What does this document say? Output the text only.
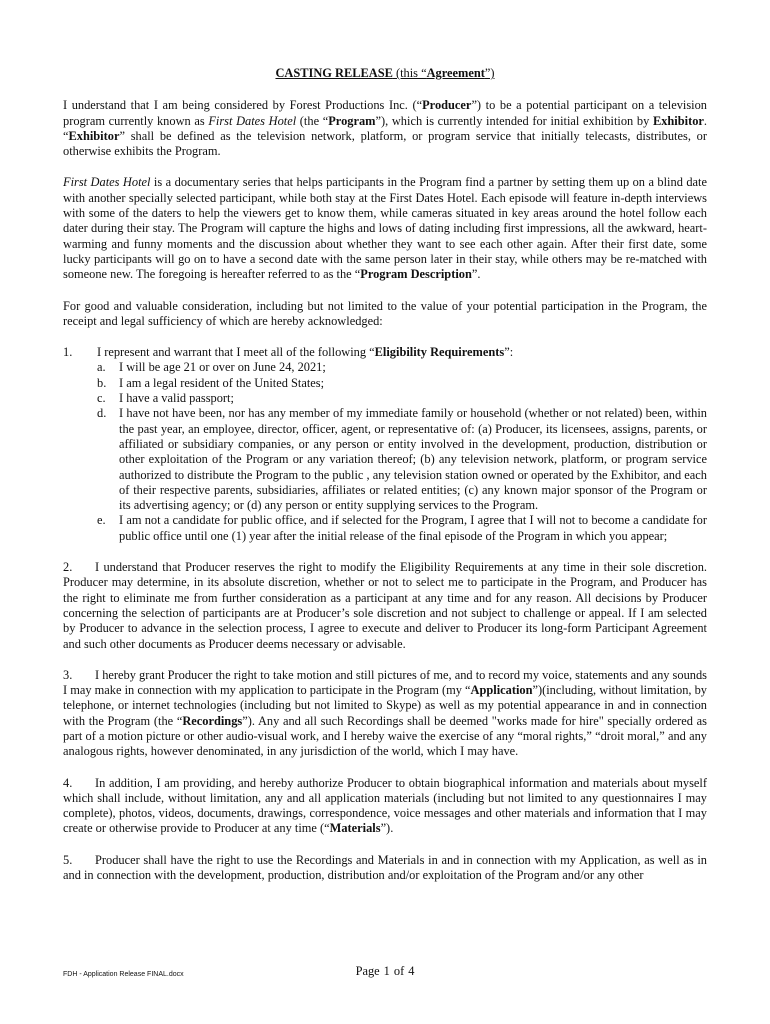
CASTING RELEASE (this “Agreement”)

I understand that I am being considered by Forest Productions Inc. (“Producer”) to be a potential participant on a television program currently known as First Dates Hotel (the “Program”), which is currently intended for initial exhibition by Exhibitor. “Exhibitor” shall be defined as the television network, platform, or program service that initially telecasts, distributes, or otherwise exhibits the Program.

First Dates Hotel is a documentary series that helps participants in the Program find a partner by setting them up on a blind date with another specially selected participant, while both stay at the First Dates Hotel. Each episode will feature in-depth interviews with some of the daters to help the viewers get to know them, while cameras situated in key areas around the hotel follow each dater during their stay. The Program will capture the highs and lows of dating including first impressions, all the awkward, heart-warming and funny moments and the discussion about whether they want to see each other again. After their first date, some lucky participants will go on to have a second date with the same person later in their stay, while others may be re-matched with someone new. The foregoing is hereafter referred to as the “Program Description”.

For good and valuable consideration, including but not limited to the value of your potential participation in the Program, the receipt and legal sufficiency of which are hereby acknowledged:

1. I represent and warrant that I meet all of the following “Eligibility Requirements”:
a. I will be age 21 or over on June 24, 2021;
b. I am a legal resident of the United States;
c. I have a valid passport;
d. I have not have been, nor has any member of my immediate family or household (whether or not related) been, within the past year, an employee, director, officer, agent, or representative of: (a) Producer, its licensees, assigns, parents, or affiliated or subsidiary companies, or any person or entity involved in the development, production, distribution or other exploitation of the Program or any variation thereof; (b) any television network, platform, or program service authorized to distribute the Program to the public , any television station owned or operated by the Exhibitor, and each of their respective parents, subsidiaries, affiliates or related entities; (c) any known major sponsor of the Program or its advertising agency; or (d) any person or entity supplying services to the Program.
e. I am not a candidate for public office, and if selected for the Program, I agree that I will not to become a candidate for public office until one (1) year after the initial release of the final episode of the Program in which you appear;

2. I understand that Producer reserves the right to modify the Eligibility Requirements at any time in their sole discretion. Producer may determine, in its absolute discretion, whether or not to select me to participate in the Program, and Producer has the right to eliminate me from further consideration as a participant at any time and for any reason. All decisions by Producer concerning the selection of participants are at Producer’s sole discretion and not subject to challenge or appeal. If I am selected by Producer to advance in the selection process, I agree to execute and deliver to Producer its long-form Participant Agreement and such other documents as Producer deems necessary or advisable.

3. I hereby grant Producer the right to take motion and still pictures of me, and to record my voice, statements and any sounds I may make in connection with my application to participate in the Program (my “Application”)(including, without limitation, by telephone, or internet technologies (including but not limited to Skype) as well as my potential appearance in and in connection with the Program (the “Recordings”). Any and all such Recordings shall be deemed "works made for hire" specially ordered as part of a motion picture or other audio-visual work, and I hereby waive the exercise of any “moral rights,” “droit moral,” and any analogous rights, however denominated, in any jurisdiction of the world, which I may have.

4. In addition, I am providing, and hereby authorize Producer to obtain biographical information and materials about myself which shall include, without limitation, any and all application materials (including but not limited to any questionnaires I may complete), photos, videos, documents, drawings, correspondence, voice messages and other materials and information that I may create or otherwise provide to Producer at any time (“Materials”).

5. Producer shall have the right to use the Recordings and Materials in and in connection with my Application, as well as in and in connection with the development, production, distribution and/or exploitation of the Program and/or any other

FDH - Application Release FINAL.docx	Page 1 of 4
